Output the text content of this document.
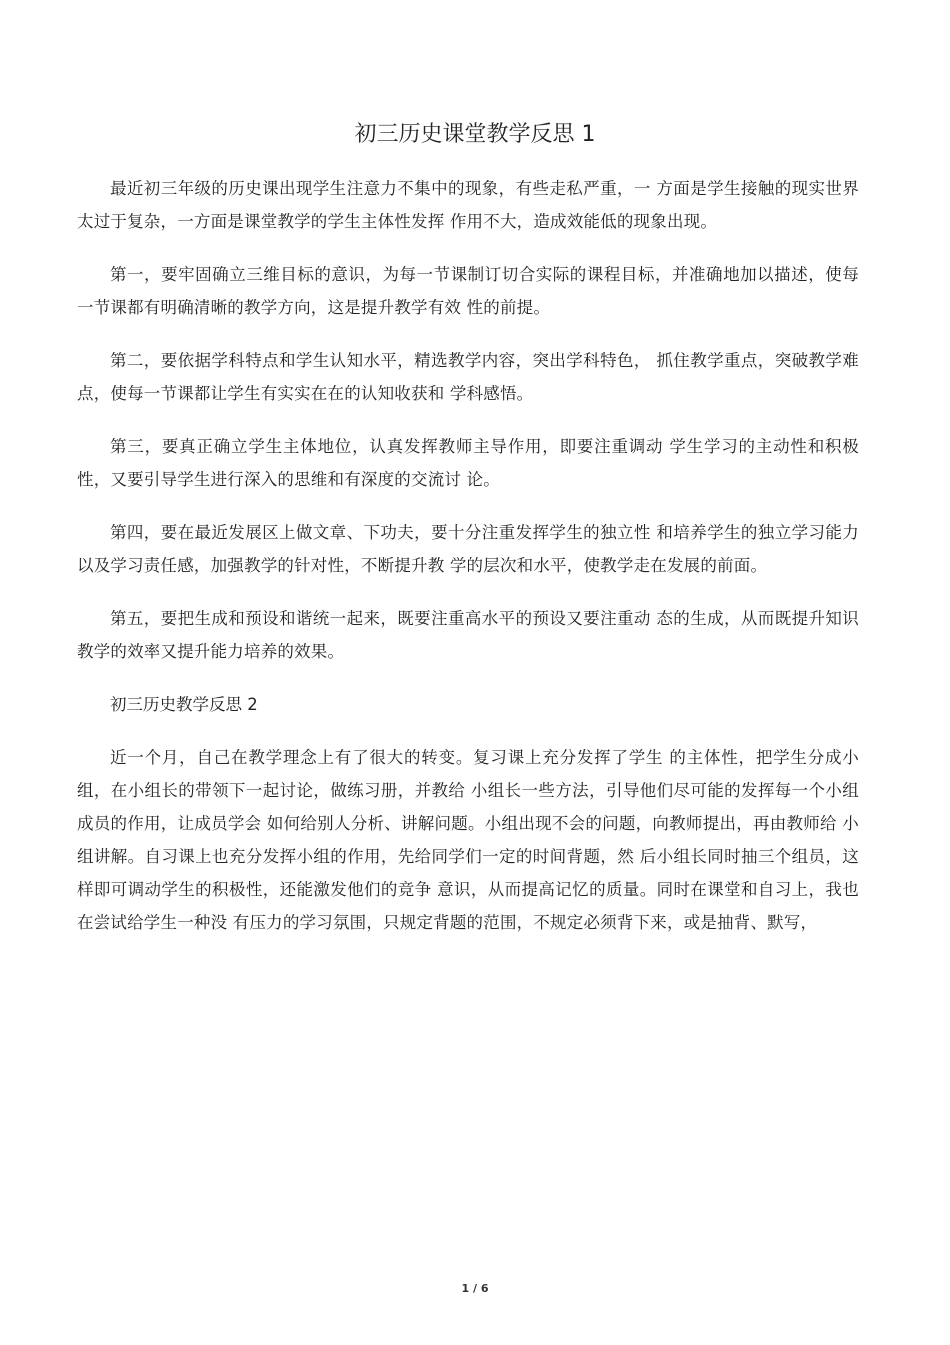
初三历史课堂教学反思 1

最近初三年级的历史课出现学生注意力不集中的现象，有些走私严重，一 方面是学生接触的现实世界太过于复杂，一方面是课堂教学的学生主体性发挥 作用不大，造成效能低的现象出现。

第一，要牢固确立三维目标的意识，为每一节课制订切合实际的课程目标，并准确地加以描述，使每一节课都有明确清晰的教学方向，这是提升教学有效 性的前提。

第二，要依据学科特点和学生认知水平，精选教学内容，突出学科特色， 抓住教学重点，突破教学难点，使每一节课都让学生有实实在在的认知收获和 学科感悟。

第三，要真正确立学生主体地位，认真发挥教师主导作用，即要注重调动 学生学习的主动性和积极性，又要引导学生进行深入的思维和有深度的交流讨 论。

第四，要在最近发展区上做文章、下功夫，要十分注重发挥学生的独立性 和培养学生的独立学习能力以及学习责任感，加强教学的针对性，不断提升教 学的层次和水平，使教学走在发展的前面。

第五，要把生成和预设和谐统一起来，既要注重高水平的预设又要注重动 态的生成，从而既提升知识教学的效率又提升能力培养的效果。

初三历史教学反思 2

近一个月，自己在教学理念上有了很大的转变。复习课上充分发挥了学生 的主体性，把学生分成小组，在小组长的带领下一起讨论，做练习册，并教给 小组长一些方法，引导他们尽可能的发挥每一个小组成员的作用，让成员学会 如何给别人分析、讲解问题。小组出现不会的问题，向教师提出，再由教师给 小组讲解。自习课上也充分发挥小组的作用，先给同学们一定的时间背题，然 后小组长同时抽三个组员，这样即可调动学生的积极性，还能激发他们的竞争 意识，从而提高记忆的质量。同时在课堂和自习上，我也在尝试给学生一种没 有压力的学习氛围，只规定背题的范围，不规定必须背下来，或是抽背、默写，

1 / 6
